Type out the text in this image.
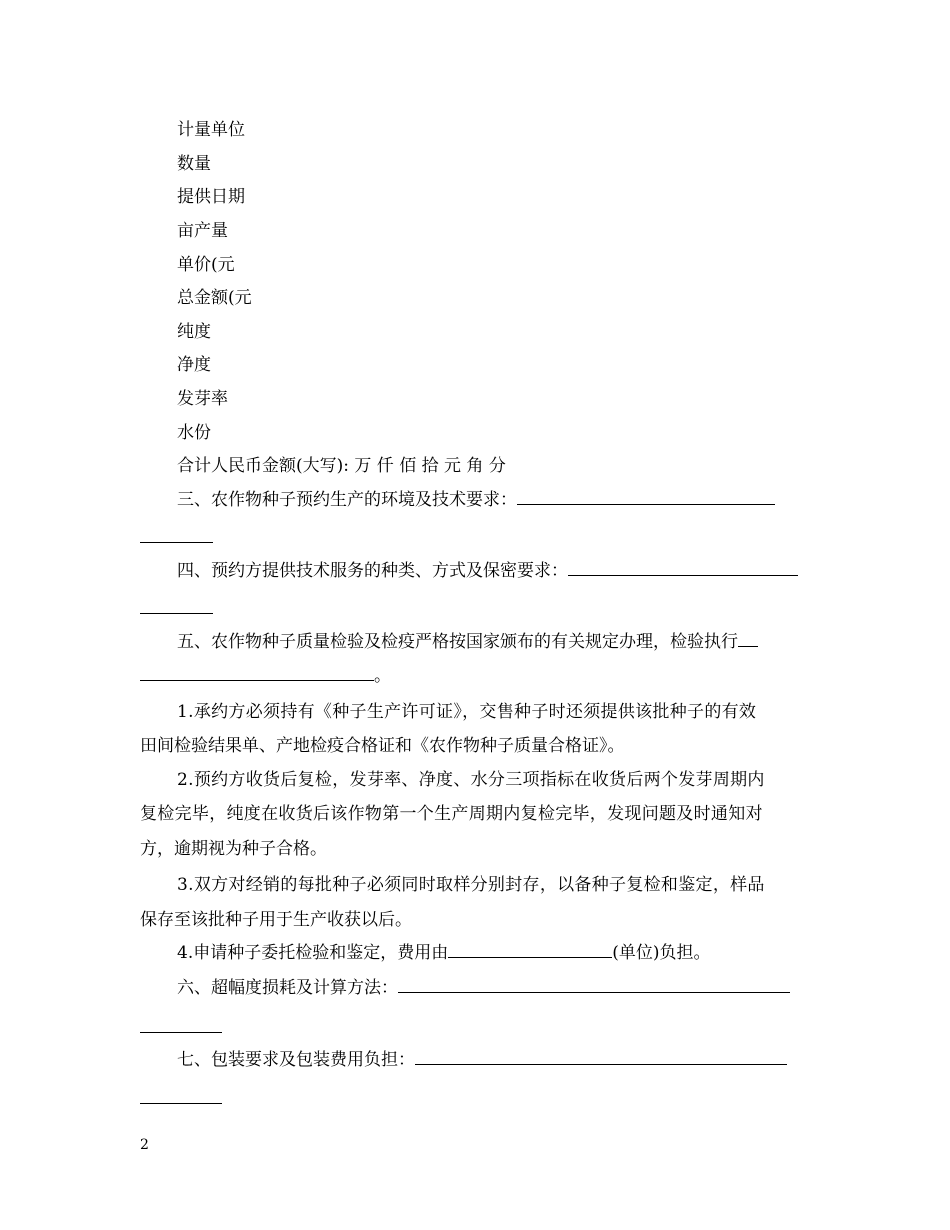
计量单位
数量
提供日期
亩产量
单价(元
总金额(元
纯度
净度
发芽率
水份
合计人民币金额(大写): 万 仟 佰 拾 元 角 分
三、农作物种子预约生产的环境及技术要求：
四、预约方提供技术服务的种类、方式及保密要求：
五、农作物种子质量检验及检疫严格按国家颁布的有关规定办理，检验执行
。
1.承约方必须持有《种子生产许可证》，交售种子时还须提供该批种子的有效
田间检验结果单、产地检疫合格证和《农作物种子质量合格证》。
2.预约方收货后复检，发芽率、净度、水分三项指标在收货后两个发芽周期内
复检完毕，纯度在收货后该作物第一个生产周期内复检完毕，发现问题及时通知对
方，逾期视为种子合格。
3.双方对经销的每批种子必须同时取样分别封存，以备种子复检和鉴定，样品
保存至该批种子用于生产收获以后。
4.申请种子委托检验和鉴定，费用由	(单位)负担。
六、超幅度损耗及计算方法：
七、包装要求及包装费用负担：
2
